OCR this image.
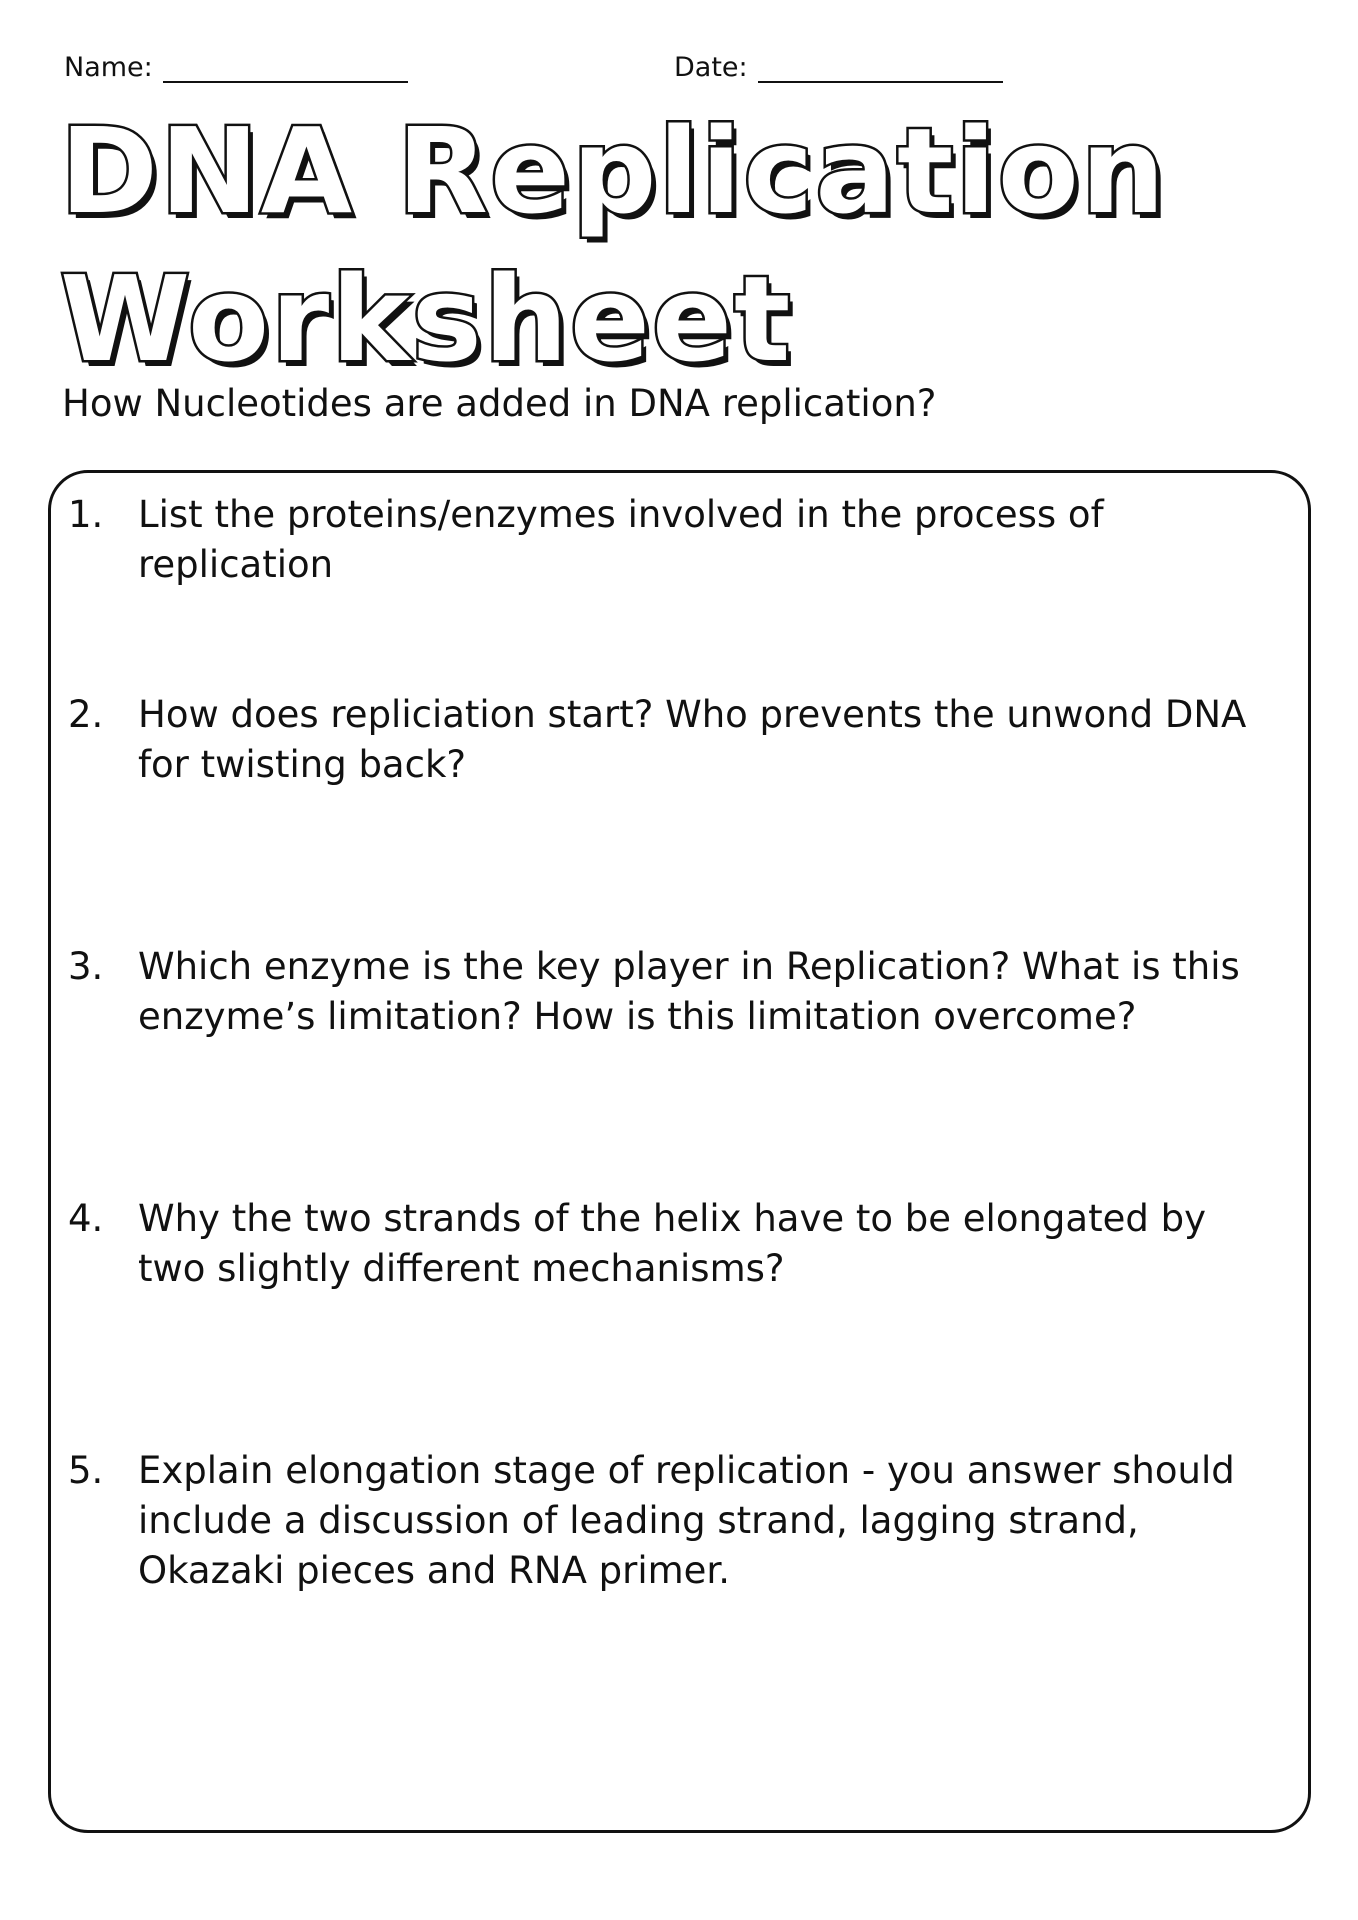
Name:	Date:
DNA Replication
Worksheet
How Nucleotides are added in DNA replication?
1. List the proteins/enzymes involved in the process of replication
2. How does repliciation start? Who prevents the unwond DNA for twisting back?
3. Which enzyme is the key player in Replication? What is this enzyme’s limitation? How is this limitation overcome?
4. Why the two strands of the helix have to be elongated by two slightly different mechanisms?
5. Explain elongation stage of replication - you answer should include a discussion of leading strand, lagging strand, Okazaki pieces and RNA primer.
